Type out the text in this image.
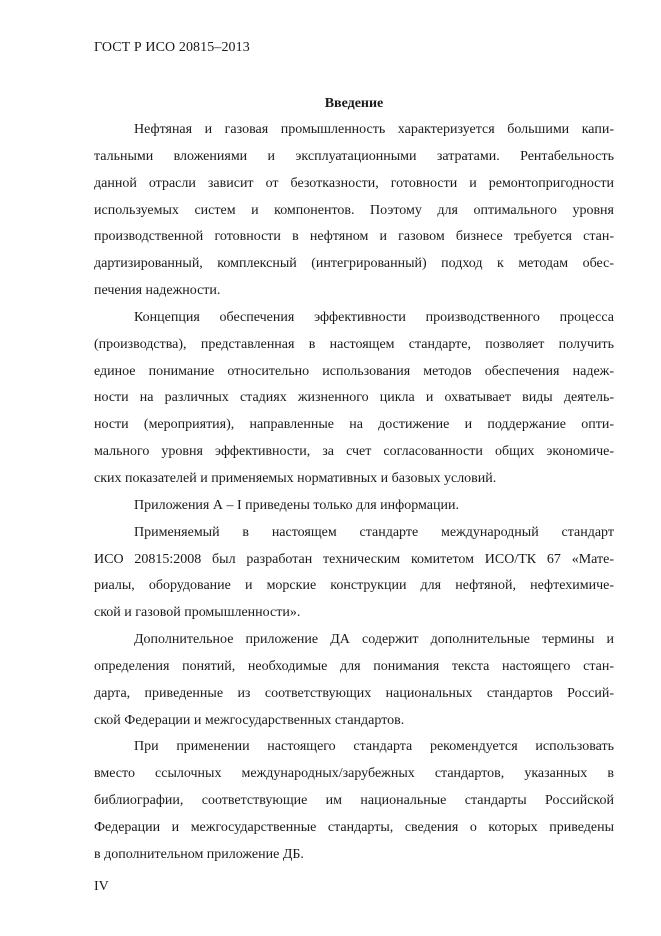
ГОСТ Р ИСО 20815–2013
Введение
Нефтяная и газовая промышленность характеризуется большими капи-
тальными вложениями и эксплуатационными затратами. Рентабельность
данной отрасли зависит от безотказности, готовности и ремонтопригодности
используемых систем и компонентов. Поэтому для оптимального уровня
производственной готовности в нефтяном и газовом бизнесе требуется стан-
дартизированный, комплексный (интегрированный) подход к методам обес-
печения надежности.
Концепция обеспечения эффективности производственного процесса
(производства), представленная в настоящем стандарте, позволяет получить
единое понимание относительно использования методов обеспечения надеж-
ности на различных стадиях жизненного цикла и охватывает виды деятель-
ности (мероприятия), направленные на достижение и поддержание опти-
мального уровня эффективности, за счет согласованности общих экономиче-
ских показателей и применяемых нормативных и базовых условий.
Приложения А – I приведены только для информации.
Применяемый в настоящем стандарте международный стандарт
ИСО 20815:2008 был разработан техническим комитетом ИСО/ТК 67 «Мате-
риалы, оборудование и морские конструкции для нефтяной, нефтехимиче-
ской и газовой промышленности».
Дополнительное приложение ДА содержит дополнительные термины и
определения понятий, необходимые для понимания текста настоящего стан-
дарта, приведенные из соответствующих национальных стандартов Россий-
ской Федерации и межгосударственных стандартов.
При применении настоящего стандарта рекомендуется использовать
вместо ссылочных международных/зарубежных стандартов, указанных в
библиографии, соответствующие им национальные стандарты Российской
Федерации и межгосударственные стандарты, сведения о которых приведены
в дополнительном приложение ДБ.
IV
